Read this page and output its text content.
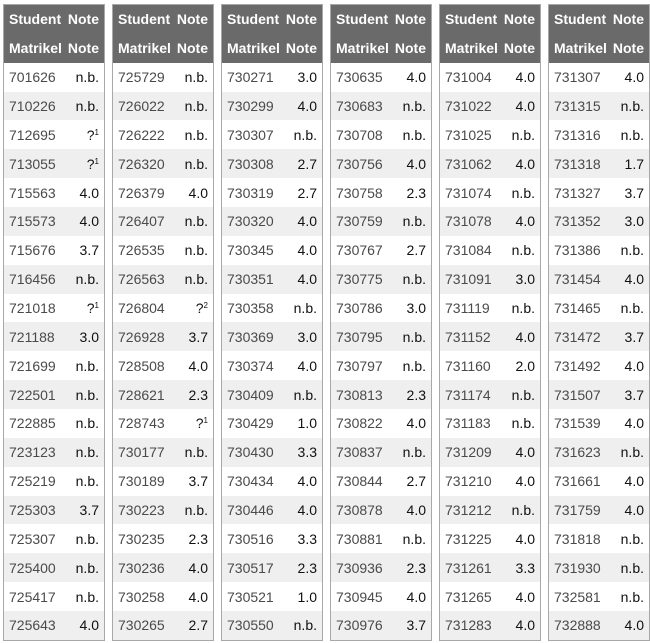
Student Note
Matrikel Note
701626 n.b.
710226 n.b.
712695 ?$^1$
713055 ?$^1$
715563 4.0
715573 4.0
715676 3.7
716456 n.b.
721018 ?$^1$
721188 3.0
721699 n.b.
722501 n.b.
722885 n.b.
723123 n.b.
725219 n.b.
725303 3.7
725307 n.b.
725400 n.b.
725417 n.b.
725643 4.0
Student Note
Matrikel Note
725729 n.b.
726022 n.b.
726222 n.b.
726320 n.b.
726379 4.0
726407 n.b.
726535 n.b.
726563 n.b.
726804 ?$^2$
726928 3.7
728508 4.0
728621 2.3
728743 ?$^1$
730177 n.b.
730189 3.7
730223 n.b.
730235 2.3
730236 4.0
730258 4.0
730265 2.7
Student Note
Matrikel Note
730271 3.0
730299 4.0
730307 n.b.
730308 2.7
730319 2.7
730320 4.0
730345 4.0
730351 4.0
730358 n.b.
730369 3.0
730374 4.0
730409 n.b.
730429 1.0
730430 3.3
730434 4.0
730446 4.0
730516 3.3
730517 2.3
730521 1.0
730550 n.b.
Student Note
Matrikel Note
730635 4.0
730683 n.b.
730708 n.b.
730756 4.0
730758 2.3
730759 n.b.
730767 2.7
730775 n.b.
730786 3.0
730795 n.b.
730797 n.b.
730813 2.3
730822 4.0
730837 n.b.
730844 2.7
730878 4.0
730881 n.b.
730936 2.3
730945 4.0
730976 3.7
Student Note
Matrikel Note
731004 4.0
731022 4.0
731025 n.b.
731062 4.0
731074 n.b.
731078 4.0
731084 n.b.
731091 3.0
731119 n.b.
731152 4.0
731160 2.0
731174 n.b.
731183 n.b.
731209 4.0
731210 4.0
731212 n.b.
731225 4.0
731261 3.3
731265 4.0
731283 4.0
Student Note
Matrikel Note
731307 4.0
731315 n.b.
731316 n.b.
731318 1.7
731327 3.7
731352 3.0
731386 n.b.
731454 4.0
731465 n.b.
731472 3.7
731492 4.0
731507 3.7
731539 4.0
731623 n.b.
731661 4.0
731759 4.0
731818 n.b.
731930 n.b.
732581 n.b.
732888 4.0
